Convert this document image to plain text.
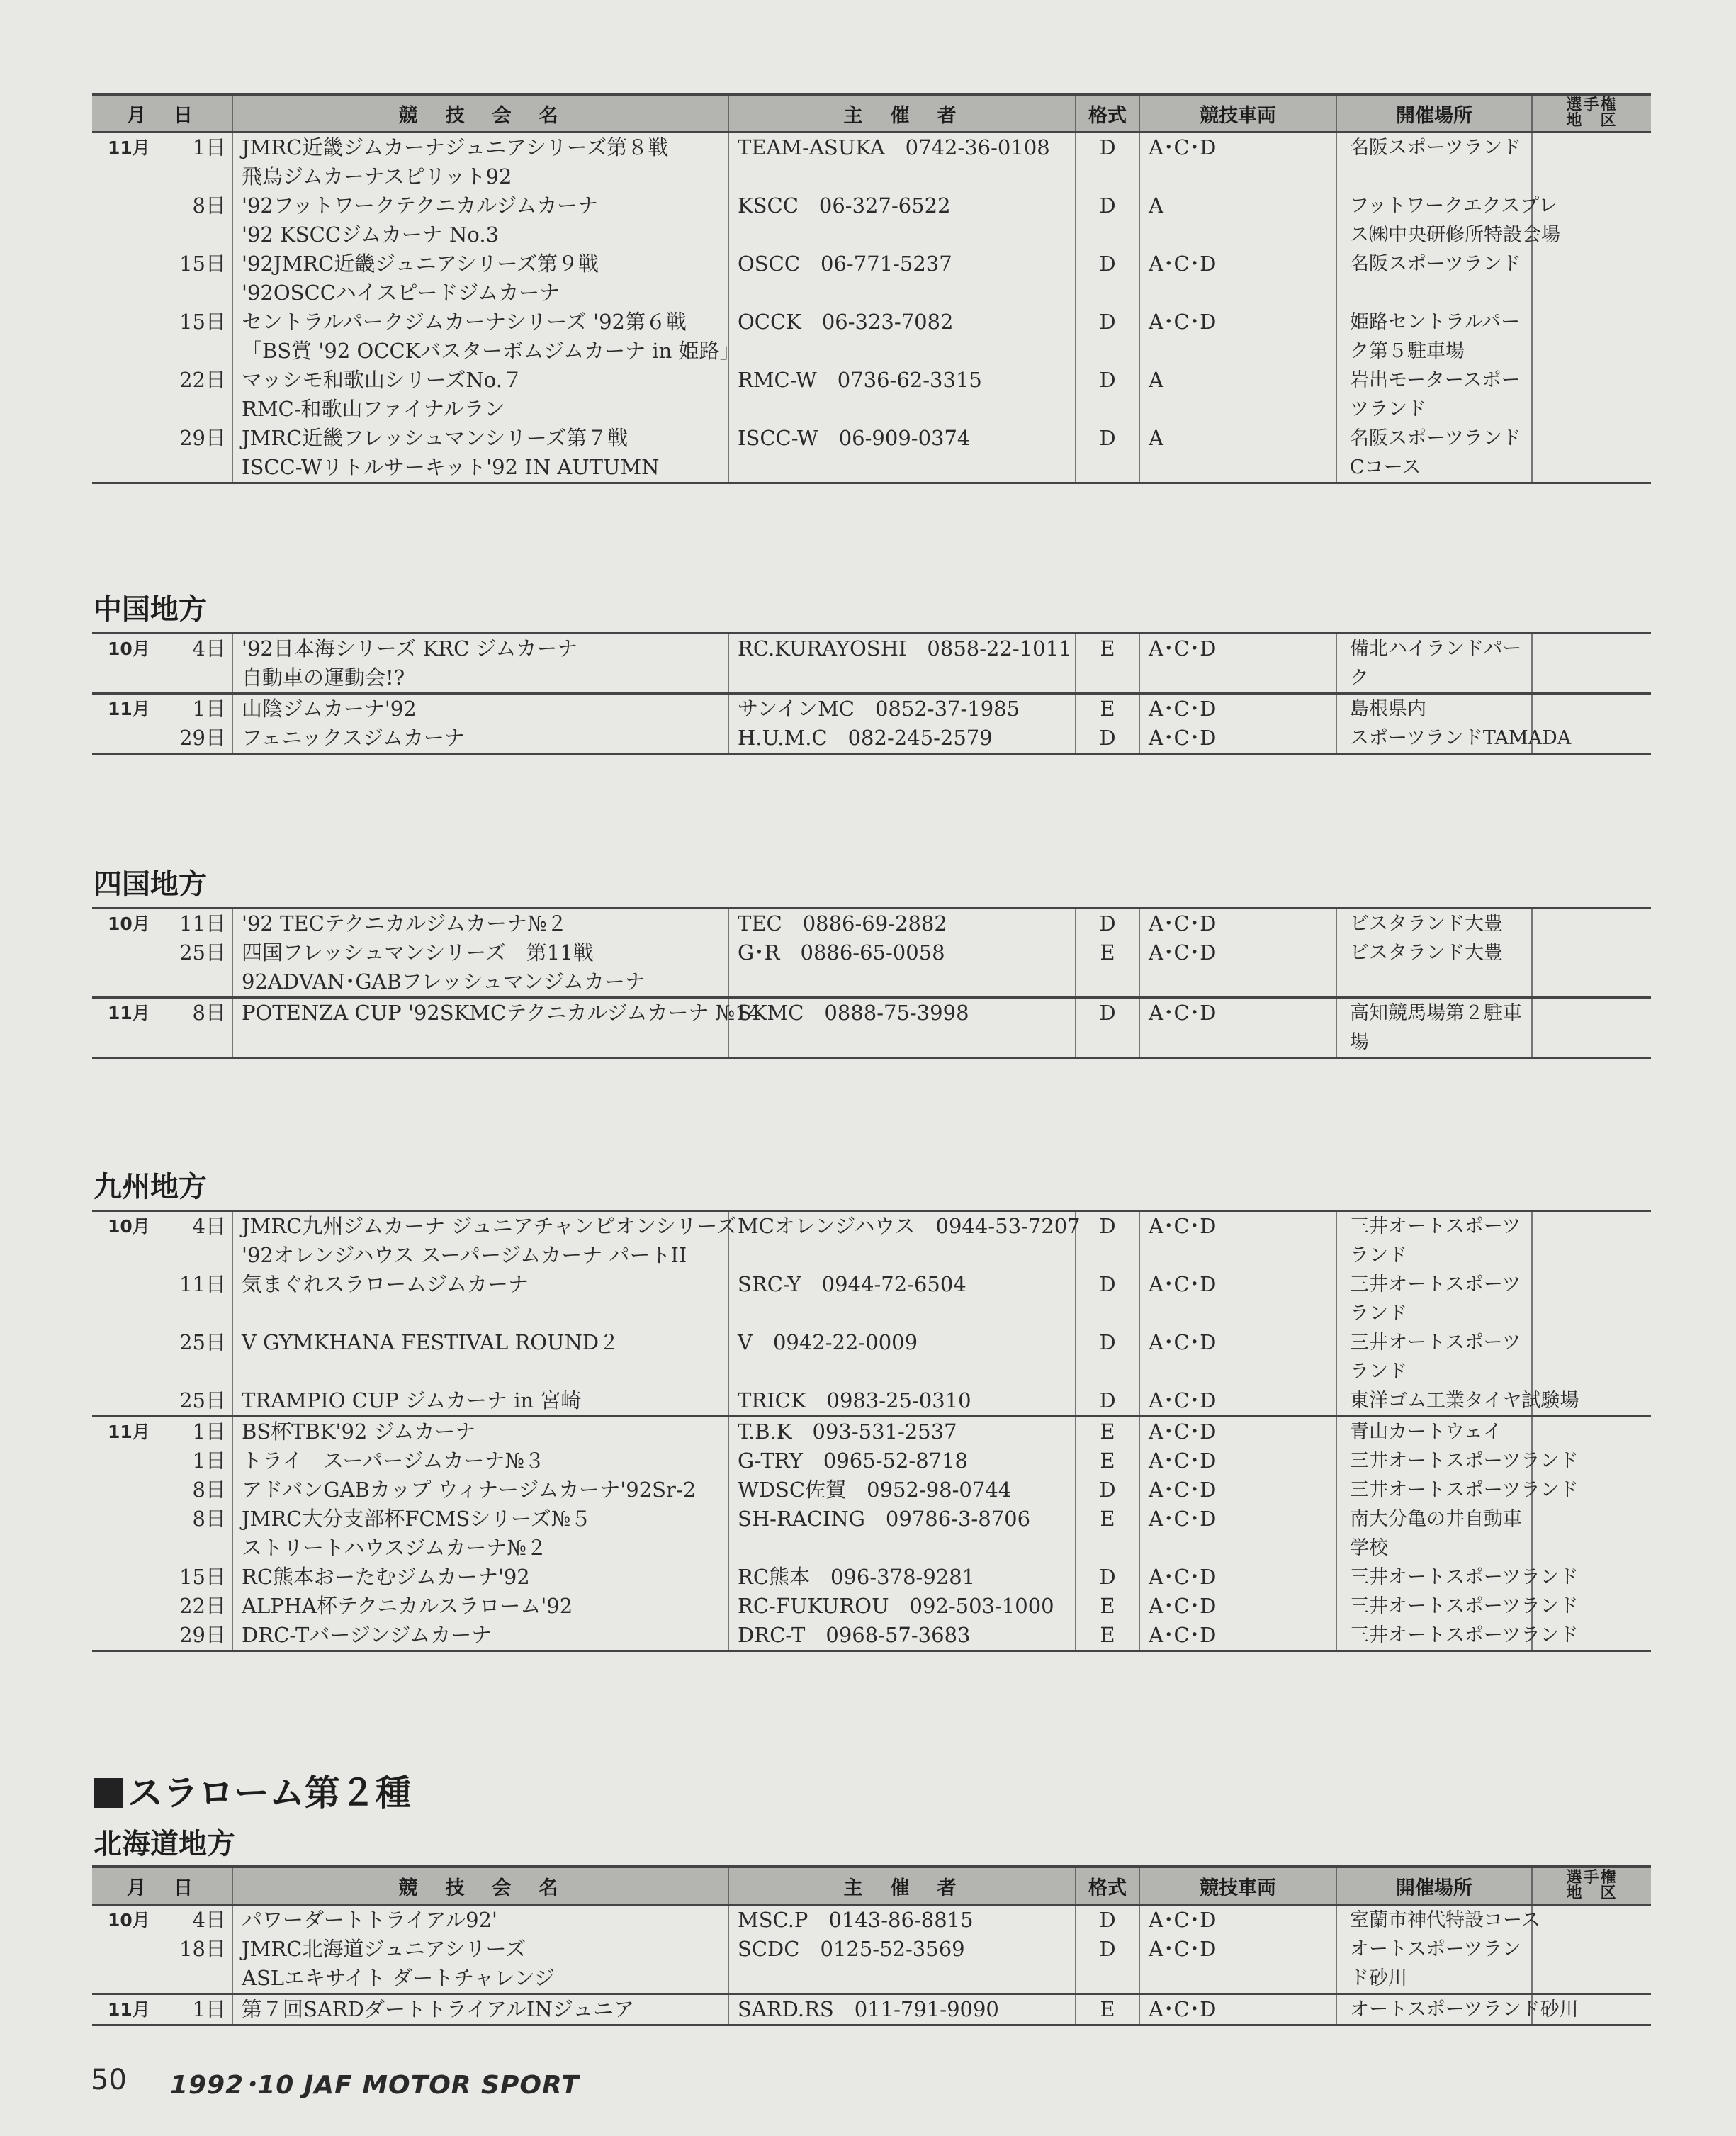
月　日		競　技　会　名	主　催　者	格式	競技車両	開催場所	選手権
地　区

11月	1日	JMRC近畿ジムカーナジュニアシリーズ第８戦
飛鳥ジムカーナスピリット92	TEAM-ASUKA　0742-36-0108	D	A･C･D	名阪スポーツランド	

	8日	'92フットワークテクニカルジムカーナ
'92 KSCCジムカーナ No.3	KSCC　06-327-6522	D	A	フットワークエクスプレ
ス㈱中央研修所特設会場	

	15日	'92JMRC近畿ジュニアシリーズ第９戦
'92OSCCハイスピードジムカーナ	OSCC　06-771-5237	D	A･C･D	名阪スポーツランド	

	15日	セントラルパークジムカーナシリーズ '92第６戦
「BS賞 '92 OCCKバスターボムジムカーナ in 姫路」	OCCK　06-323-7082	D	A･C･D	姫路セントラルパー
ク第５駐車場	

	22日	マッシモ和歌山シリーズNo.７
RMC-和歌山ファイナルラン	RMC-W　0736-62-3315	D	A	岩出モータースポー
ツランド	

	29日	JMRC近畿フレッシュマンシリーズ第７戦
ISCC-Wリトルサーキット'92 IN AUTUMN	ISCC-W　06-909-0374	D	A	名阪スポーツランド
Cコース	

中国地方
10月	4日	'92日本海シリーズ KRC ジムカーナ
自動車の運動会!?	RC.KURAYOSHI　0858-22-1011	E	A･C･D	備北ハイランドパー
ク	

11月	1日	山陰ジムカーナ'92	サンインMC　0852-37-1985	E	A･C･D	島根県内	

	29日	フェニックスジムカーナ	H.U.M.C　082-245-2579	D	A･C･D	スポーツランドTAMADA	

四国地方
10月	11日	'92 TECテクニカルジムカーナ№２	TEC　0886-69-2882	D	A･C･D	ビスタランド大豊	

	25日	四国フレッシュマンシリーズ　第11戦
92ADVAN･GABフレッシュマンジムカーナ	G･R　0886-65-0058	E	A･C･D	ビスタランド大豊	

11月	8日	POTENZA CUP '92SKMCテクニカルジムカーナ №14	SKMC　0888-75-3998	D	A･C･D	高知競馬場第２駐車
場	

九州地方
10月	4日	JMRC九州ジムカーナ ジュニアチャンピオンシリーズ
'92オレンジハウス スーパージムカーナ パートII	MCオレンジハウス　0944-53-7207	D	A･C･D	三井オートスポーツ
ランド	

	11日	気まぐれスラロームジムカーナ	SRC-Y　0944-72-6504	D	A･C･D	三井オートスポーツ
ランド	

	25日	V GYMKHANA FESTIVAL ROUND２	V　0942-22-0009	D	A･C･D	三井オートスポーツ
ランド	

	25日	TRAMPIO CUP ジムカーナ in 宮崎	TRICK　0983-25-0310	D	A･C･D	東洋ゴム工業タイヤ試験場	

11月	1日	BS杯TBK'92 ジムカーナ	T.B.K　093-531-2537	E	A･C･D	青山カートウェイ	

	1日	トライ　スーパージムカーナ№３	G-TRY　0965-52-8718	E	A･C･D	三井オートスポーツランド	

	8日	アドバンGABカップ ウィナージムカーナ'92Sr-2	WDSC佐賀　0952-98-0744	D	A･C･D	三井オートスポーツランド	

	8日	JMRC大分支部杯FCMSシリーズ№５
ストリートハウスジムカーナ№２	SH-RACING　09786-3-8706	E	A･C･D	南大分亀の井自動車
学校	

	15日	RC熊本おーたむジムカーナ'92	RC熊本　096-378-9281	D	A･C･D	三井オートスポーツランド	

	22日	ALPHA杯テクニカルスラローム'92	RC-FUKUROU　092-503-1000	E	A･C･D	三井オートスポーツランド	

	29日	DRC-Tバージンジムカーナ	DRC-T　0968-57-3683	E	A･C･D	三井オートスポーツランド	

スラローム第２種
北海道地方
月　日		競　技　会　名	主　催　者	格式	競技車両	開催場所	選手権
地　区

10月	4日	パワーダートトライアル92'	MSC.P　0143-86-8815	D	A･C･D	室蘭市神代特設コース	

	18日	JMRC北海道ジュニアシリーズ
ASLエキサイト ダートチャレンジ	SCDC　0125-52-3569	D	A･C･D	オートスポーツラン
ド砂川	

11月	1日	第７回SARDダートトライアルINジュニア	SARD.RS　011-791-9090	E	A･C･D	オートスポーツランド砂川	

50 1992･10 JAF MOTOR SPORT
